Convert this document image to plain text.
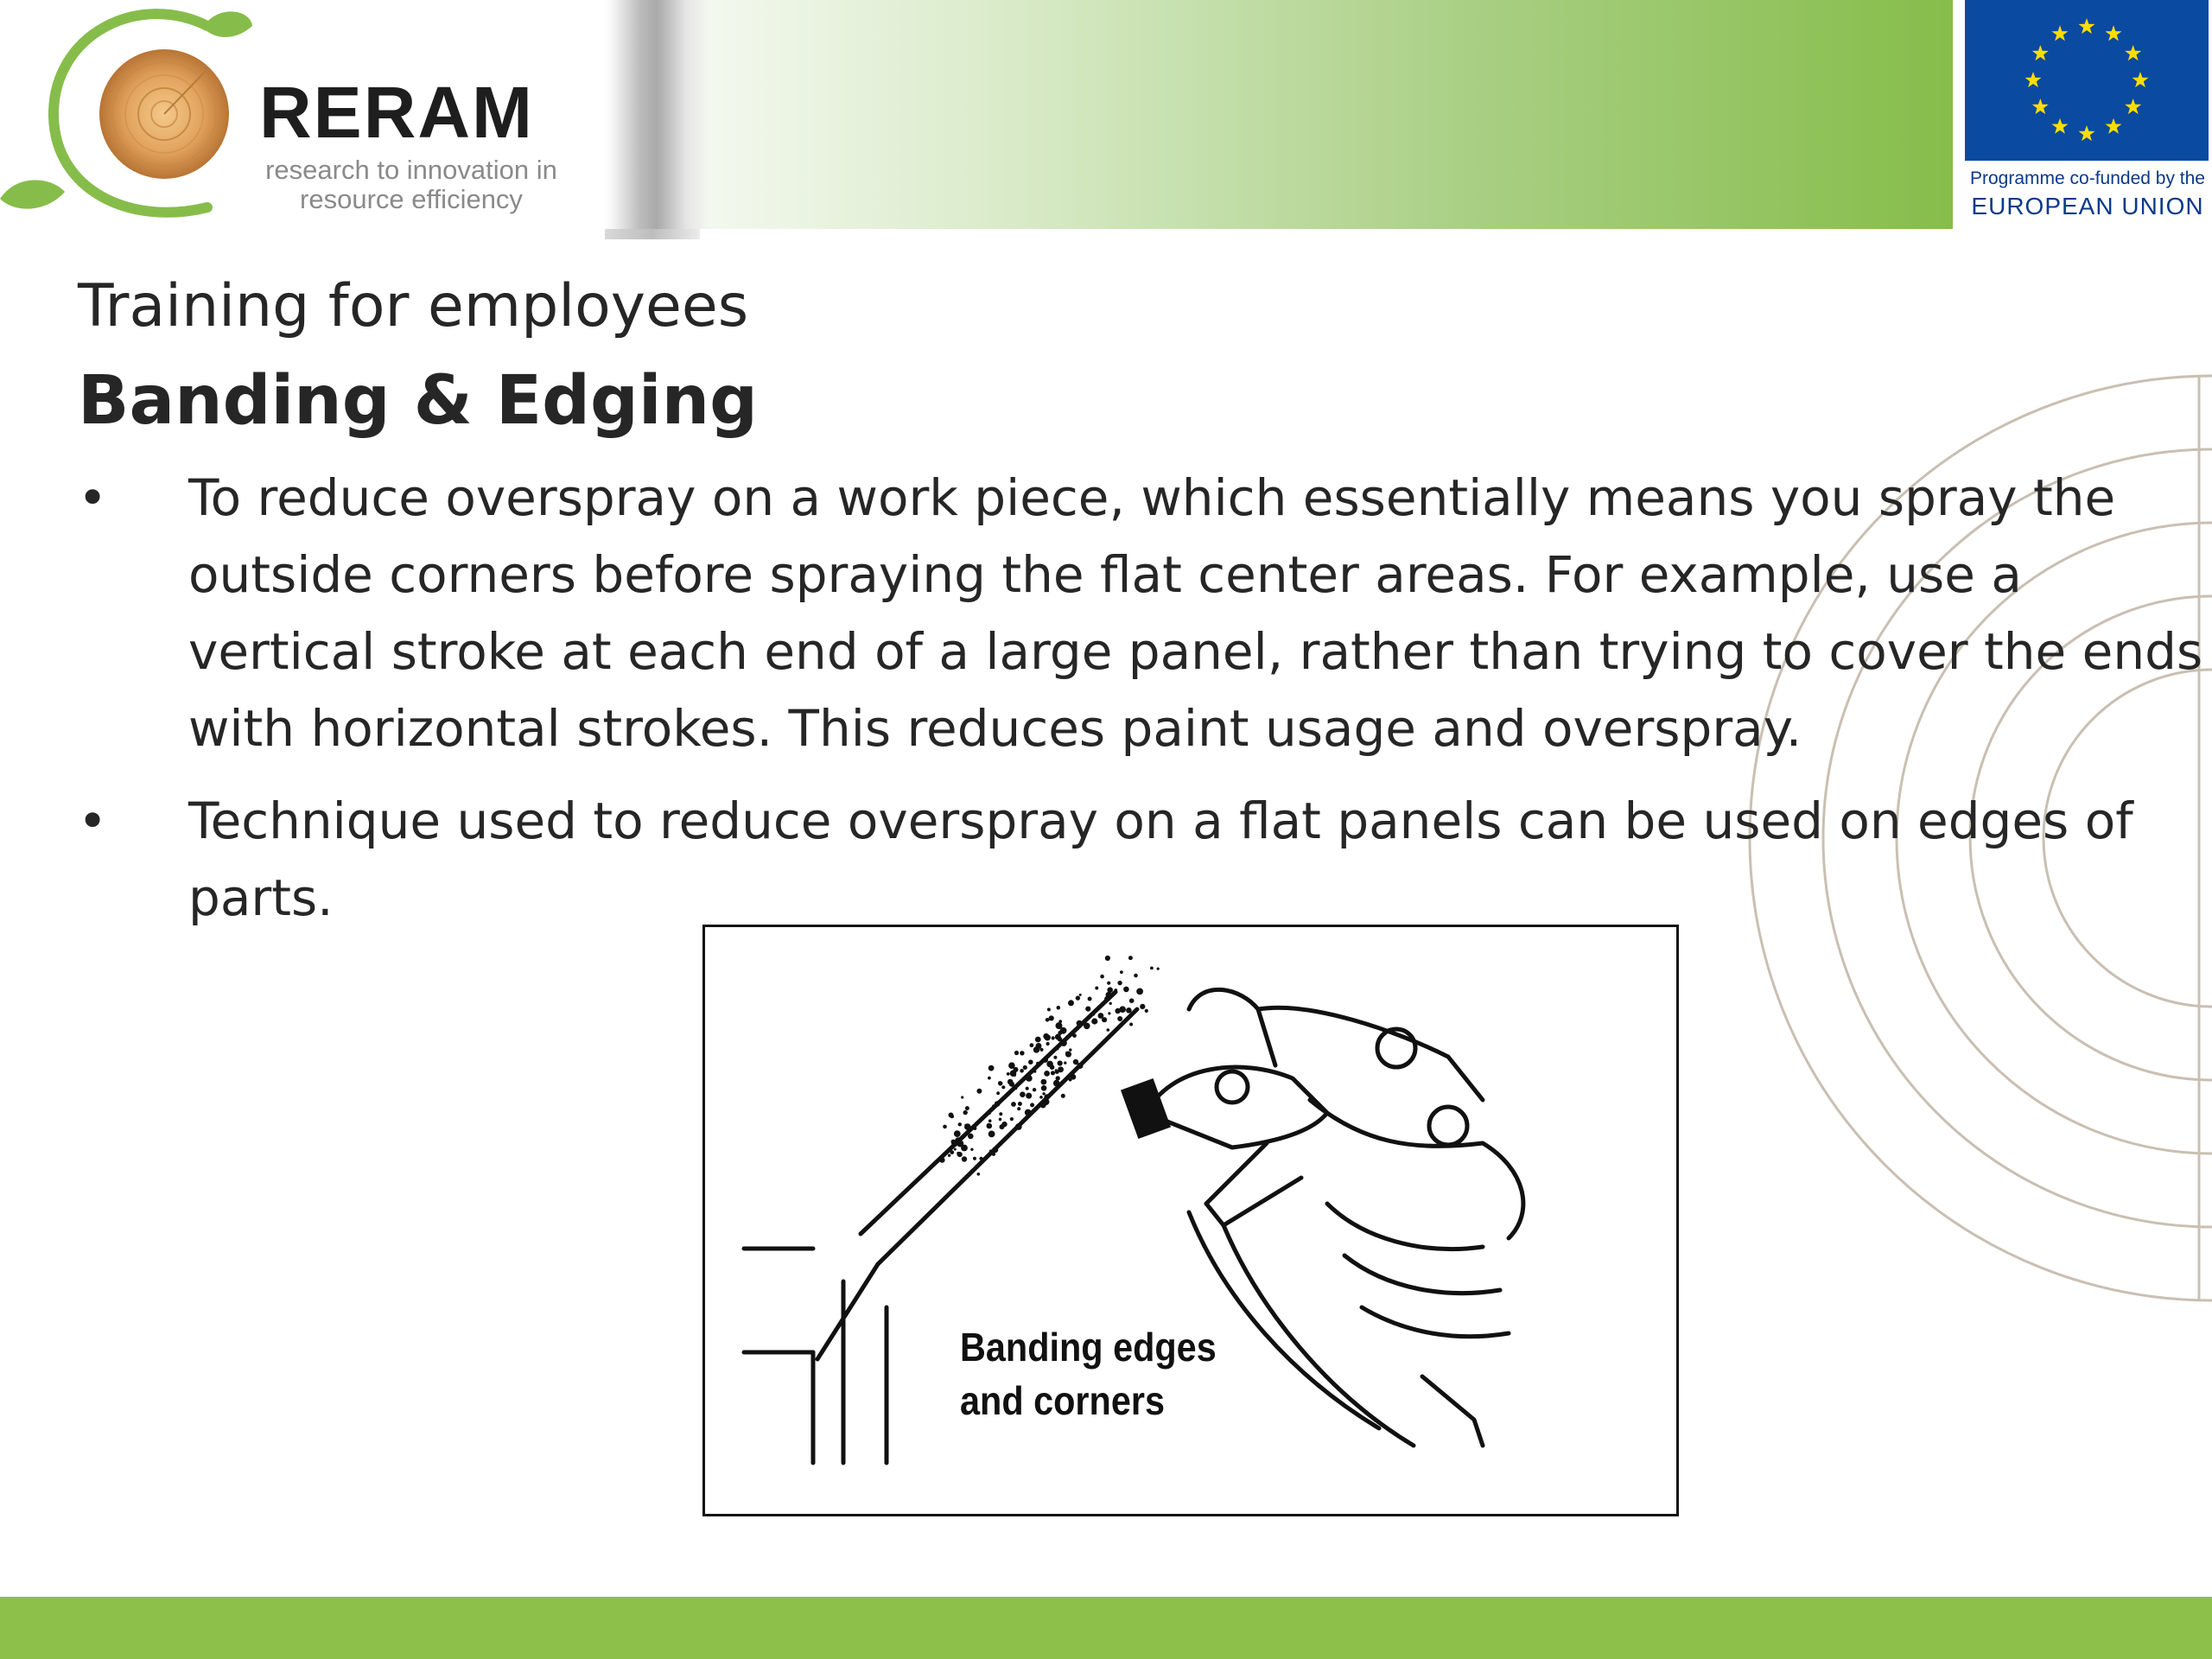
RERAM

research to innovation in
resource efficiency

Programme co-funded by the

EUROPEAN UNION

Training for employees
Banding & Edging
• To reduce overspray on a work piece, which essentially means you spray the outside corners before spraying the flat center areas. For example, use a vertical stroke at each end of a large panel, rather than trying to cover the ends with horizontal strokes. This reduces paint usage and overspray.
• Technique used to reduce overspray on a flat panels can be used on edges of parts.

Banding edges
and corners
